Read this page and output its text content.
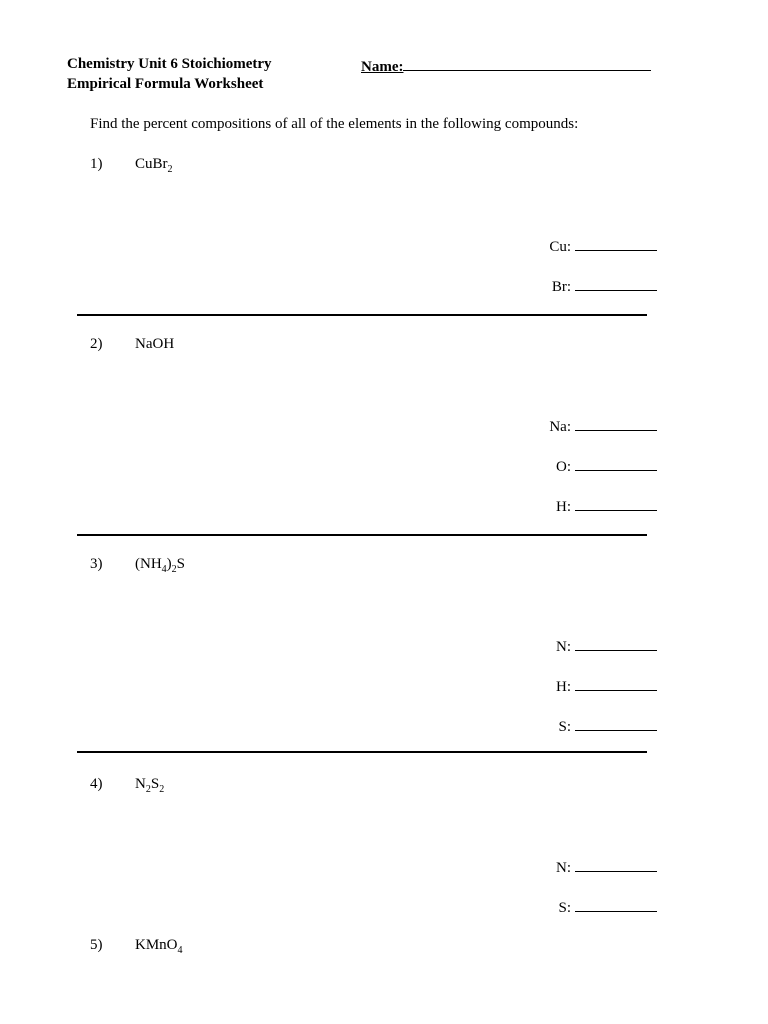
Chemistry Unit 6 Stoichiometry
Empirical Formula Worksheet
Name:
Find the percent compositions of all of the elements in the following compounds:
1) CuBr$_2$
Cu:
Br:
2) NaOH
Na:
O:
H:
3) $(NH_4)_2S$
N:
H:
S:
4) $N_2S_2$
N:
S:
5) KMnO$_4$
